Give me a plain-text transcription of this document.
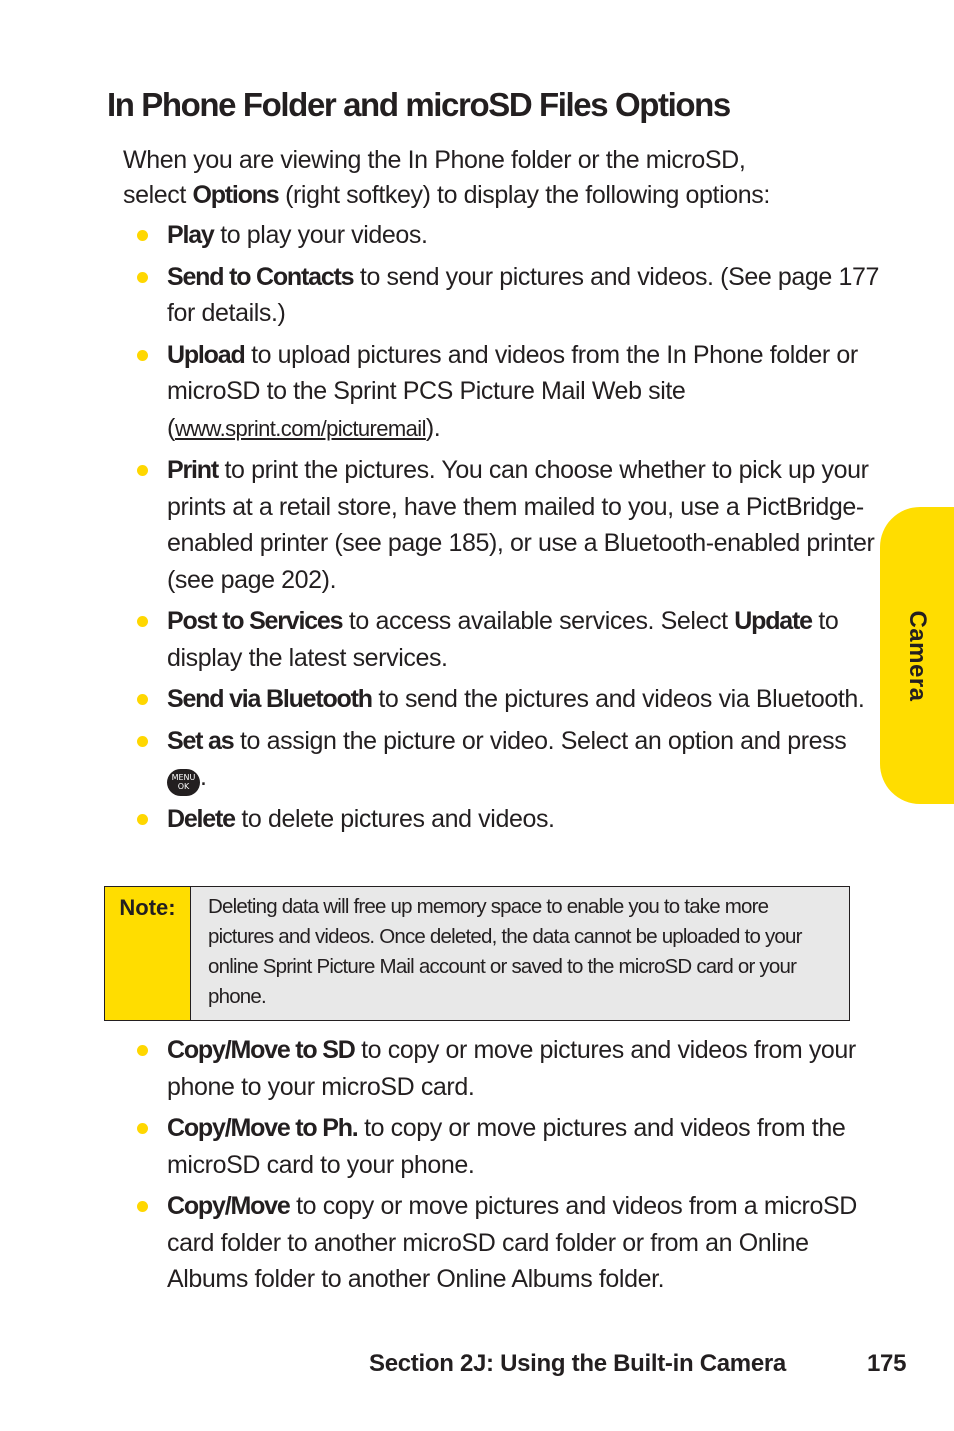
In Phone Folder and microSD Files Options

When you are viewing the In Phone folder or the microSD,
select Options (right softkey) to display the following options:

Play to play your videos.
Send to Contacts to send your pictures and videos. (See page 177 for details.)
Upload to upload pictures and videos from the In Phone folder or microSD to the Sprint PCS Picture Mail Web site (www.sprint.com/picturemail).
Print to print the pictures. You can choose whether to pick up your prints at a retail store, have them mailed to you, use a PictBridge-enabled printer (see page 185), or use a Bluetooth-enabled printer (see page 202).
Post to Services to access available services. Select Update to display the latest services.
Send via Bluetooth to send the pictures and videos via Bluetooth.
Set as to assign the picture or video. Select an option and press MENU
OK .
Delete to delete pictures and videos.
Note:	Deleting data will free up memory space to enable you to take more pictures and videos. Once deleted, the data cannot be uploaded to your online Sprint Picture Mail account or saved to the microSD card or your phone.
Copy/Move to SD to copy or move pictures and videos from your phone to your microSD card.
Copy/Move to Ph. to copy or move pictures and videos from the microSD card to your phone.
Copy/Move to copy or move pictures and videos from a microSD card folder to another microSD card folder or from an Online Albums folder to another Online Albums folder.
Camera
Section 2J: Using the Built-in Camera	175
